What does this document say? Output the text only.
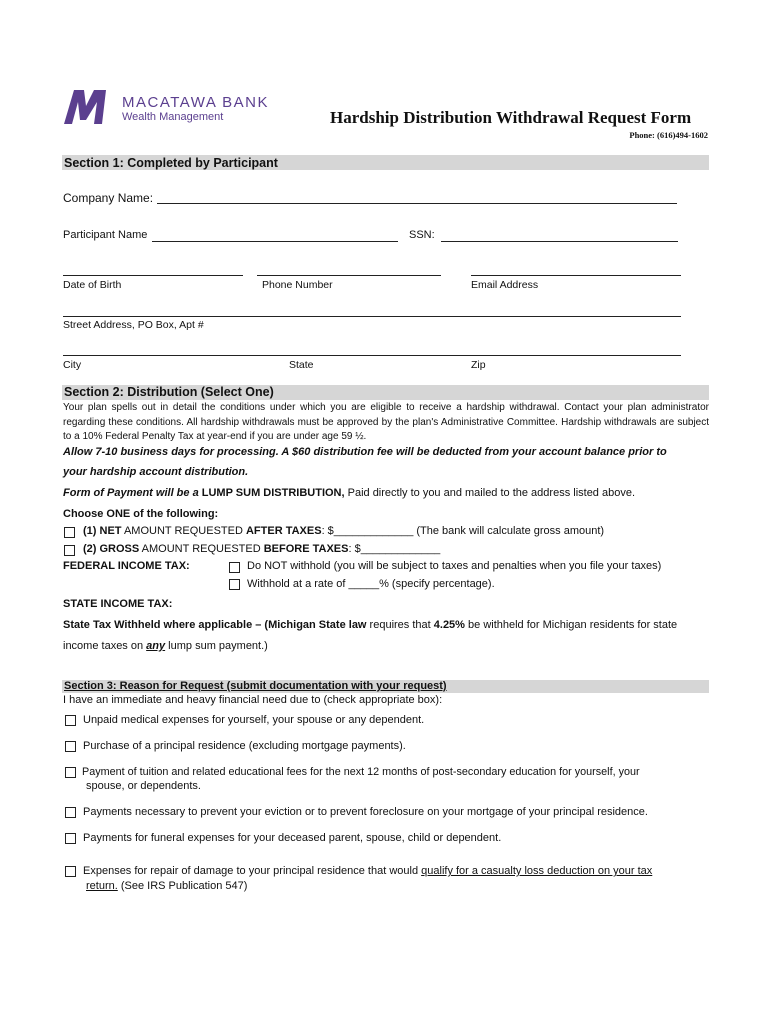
MACATAWA BANK
Wealth Management	Hardship Distribution Withdrawal Request Form
Phone: (616)494-1602
Section 1: Completed by Participant
Company Name:
Participant Name	SSN:
Date of Birth	Phone Number	Email Address
Street Address, PO Box, Apt #
City	State	Zip
Section 2: Distribution (Select One)
Your plan spells out in detail the conditions under which you are eligible to receive a hardship withdrawal. Contact your plan administrator regarding these conditions. All hardship withdrawals must be approved by the plan's Administrative Committee. Hardship withdrawals are subject to a 10% Federal Penalty Tax at year-end if you are under age 59 ½.
Allow 7-10 business days for processing. A $60 distribution fee will be deducted from your account balance prior to
your hardship account distribution.
Form of Payment will be a LUMP SUM DISTRIBUTION, Paid directly to you and mailed to the address listed above.
Choose ONE of the following:
(1) NET AMOUNT REQUESTED AFTER TAXES: $_____________ (The bank will calculate gross amount)
(2) GROSS AMOUNT REQUESTED BEFORE TAXES: $_____________
FEDERAL INCOME TAX:	Do NOT withhold (you will be subject to taxes and penalties when you file your taxes)
Withhold at a rate of _____% (specify percentage).
STATE INCOME TAX:
State Tax Withheld where applicable – (Michigan State law requires that 4.25% be withheld for Michigan residents for state
income taxes on any lump sum payment.)
Section 3: Reason for Request (submit documentation with your request)
I have an immediate and heavy financial need due to (check appropriate box):
Unpaid medical expenses for yourself, your spouse or any dependent.
Purchase of a principal residence (excluding mortgage payments).
Payment of tuition and related educational fees for the next 12 months of post-secondary education for yourself, your
spouse, or dependents.
Payments necessary to prevent your eviction or to prevent foreclosure on your mortgage of your principal residence.
Payments for funeral expenses for your deceased parent, spouse, child or dependent.
Expenses for repair of damage to your principal residence that would qualify for a casualty loss deduction on your tax
return. (See IRS Publication 547)
